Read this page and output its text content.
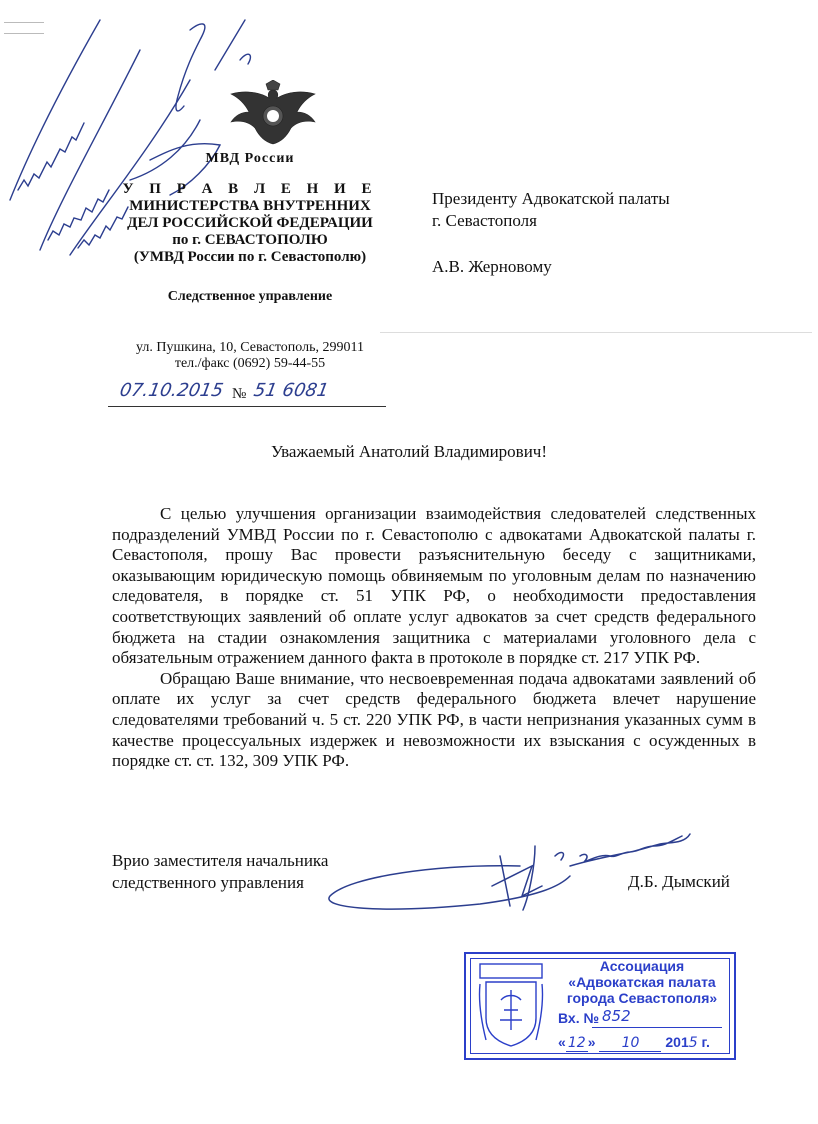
МВД России
У П Р А В Л Е Н И Е
МИНИСТЕРСТВА ВНУТРЕННИХ
ДЕЛ РОССИЙСКОЙ ФЕДЕРАЦИИ
по г. СЕВАСТОПОЛЮ
(УМВД России по г. Севастополю)
Следственное управление
ул. Пушкина, 10, Севастополь, 299011
тел./факс (0692) 59-44-55
07.10.2015 № 51 6081
Президенту Адвокатской палаты
г. Севастополя
А.В. Жерновому
Уважаемый Анатолий Владимирович!

С целью улучшения организации взаимодействия следователей следственных подразделений УМВД России по г. Севастополю с адвокатами Адвокатской палаты г. Севастополя, прошу Вас провести разъяснительную беседу с защитниками, оказывающим юридическую помощь обвиняемым по уголовным делам по назначению следователя, в порядке ст. 51 УПК РФ, о необходимости предоставления соответствующих заявлений об оплате услуг адвокатов за счет средств федерального бюджета на стадии ознакомления защитника с материалами уголовного дела с обязательным отражением данного факта в протоколе в порядке ст. 217 УПК РФ.

Обращаю Ваше внимание, что несвоевременная подача адвокатами заявлений об оплате их услуг за счет средств федерального бюджета влечет нарушение следователями требований ч. 5 ст. 220 УПК РФ, в части непризнания указанных сумм в качестве процессуальных издержек и невозможности их взыскания с осужденных в порядке ст. ст. 132, 309 УПК РФ.

Врио заместителя начальника
следственного управления	Д.Б. Дымский
Ассоциация
«Адвокатская палата
города Севастополя»
Вх. № 852
« 12 » 10 2015 г.
